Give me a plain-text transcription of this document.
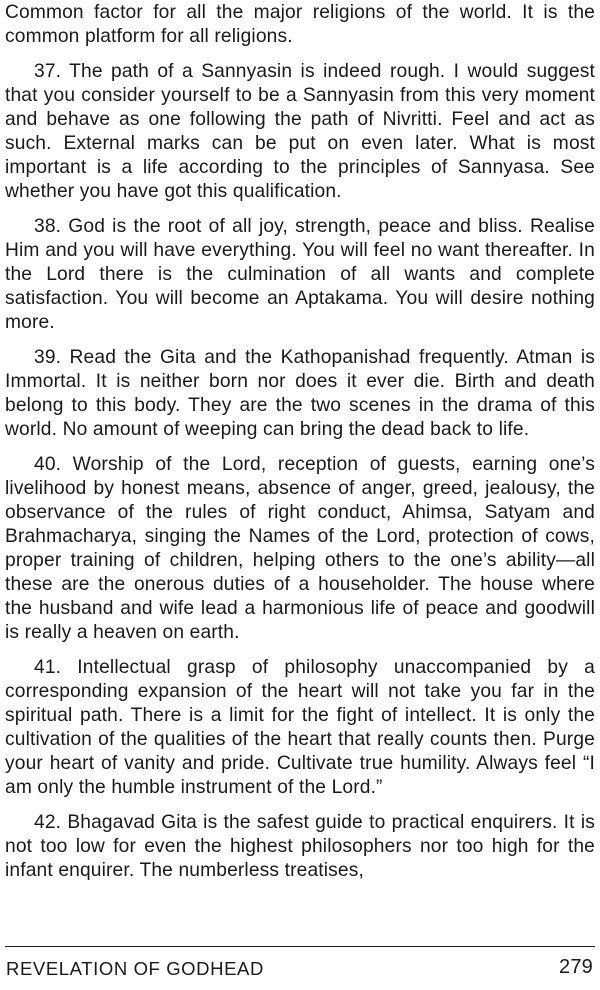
Common factor for all the major religions of the world. It is the common platform for all religions.

37. The path of a Sannyasin is indeed rough. I would suggest that you consider yourself to be a Sannyasin from this very moment and behave as one following the path of Nivritti. Feel and act as such. External marks can be put on even later. What is most important is a life according to the principles of Sannyasa. See whether you have got this qualification.

38. God is the root of all joy, strength, peace and bliss. Realise Him and you will have everything. You will feel no want thereafter. In the Lord there is the culmination of all wants and complete satisfaction. You will become an Aptakama. You will desire nothing more.

39. Read the Gita and the Kathopanishad frequently. Atman is Immortal. It is neither born nor does it ever die. Birth and death belong to this body. They are the two scenes in the drama of this world. No amount of weeping can bring the dead back to life.

40. Worship of the Lord, reception of guests, earning one’s livelihood by honest means, absence of anger, greed, jealousy, the observance of the rules of right conduct, Ahimsa, Satyam and Brahmacharya, singing the Names of the Lord, protection of cows, proper training of children, helping others to the one’s ability—all these are the onerous duties of a householder. The house where the husband and wife lead a harmonious life of peace and goodwill is really a heaven on earth.

41. Intellectual grasp of philosophy unaccompanied by a corresponding expansion of the heart will not take you far in the spiritual path. There is a limit for the fight of intellect. It is only the cultivation of the qualities of the heart that really counts then. Purge your heart of vanity and pride. Cultivate true humility. Always feel “I am only the humble instrument of the Lord.”

42. Bhagavad Gita is the safest guide to practical enquirers. It is not too low for even the highest philosophers nor too high for the infant enquirer. The numberless treatises,

REVELATION OF GODHEAD	279
